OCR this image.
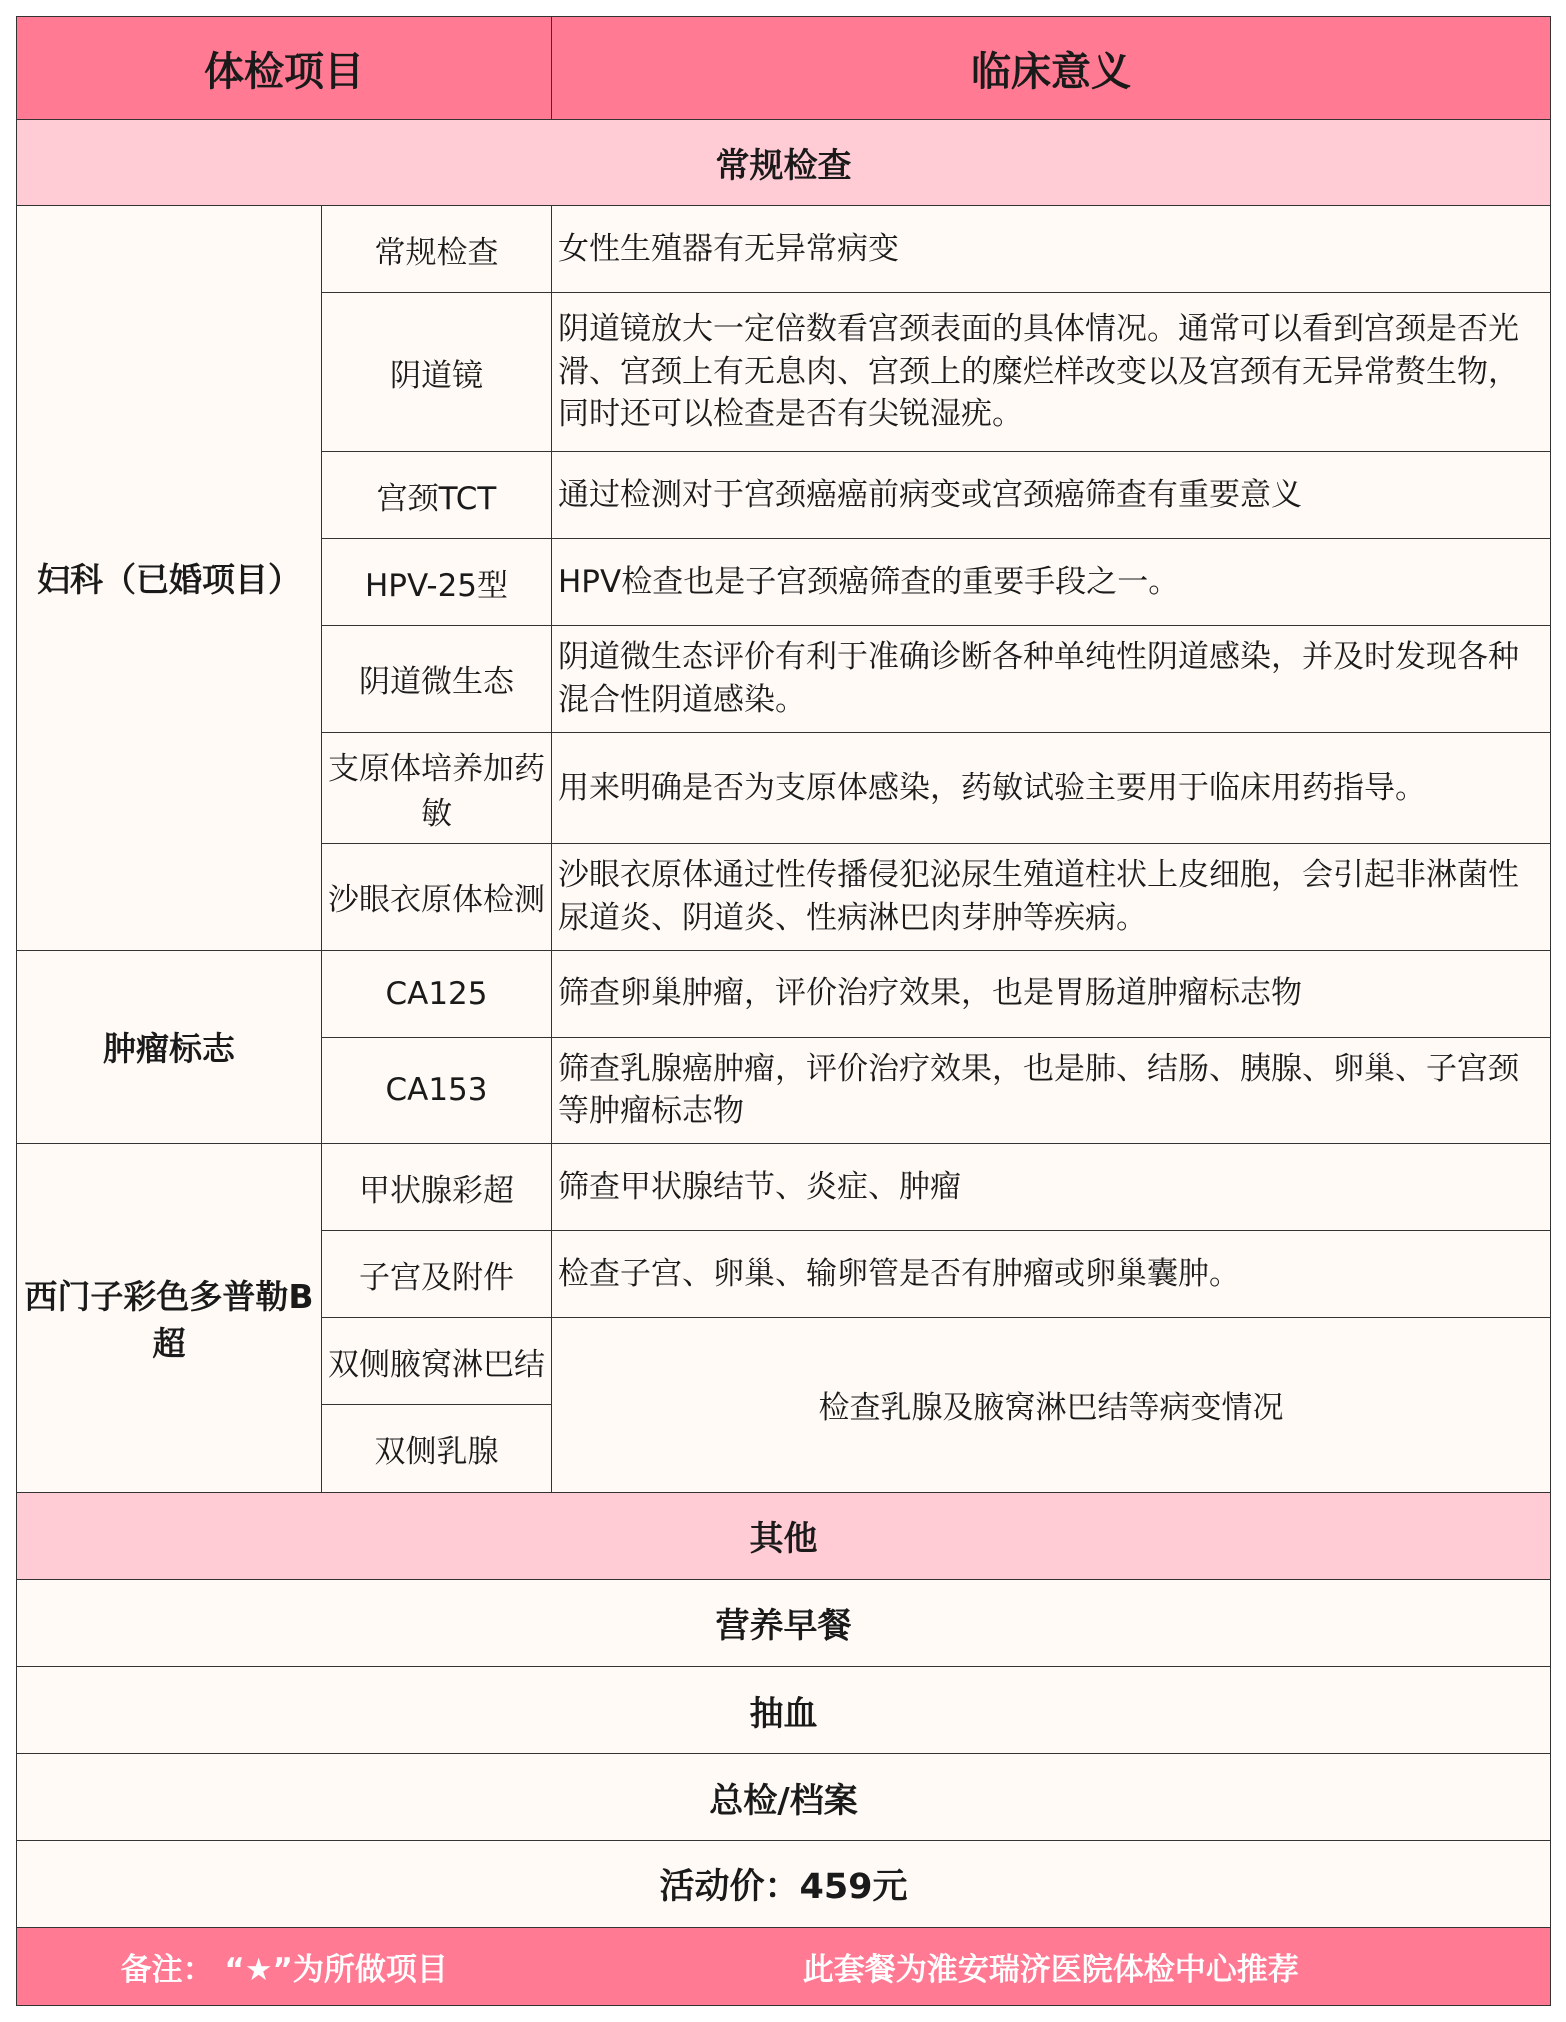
体检项目		临床意义
常规检查		
妇科（已婚项目）	常规检查	女性生殖器有无异常病变
	阴道镜	阴道镜放大一定倍数看宫颈表面的具体情况。通常可以看到宫颈是否光滑、宫颈上有无息肉、宫颈上的糜烂样改变以及宫颈有无异常赘生物，同时还可以检查是否有尖锐湿疣。
	宫颈TCT	通过检测对于宫颈癌癌前病变或宫颈癌筛查有重要意义
	HPV-25型	HPV检查也是子宫颈癌筛查的重要手段之一。
	阴道微生态	阴道微生态评价有利于准确诊断各种单纯性阴道感染，并及时发现各种混合性阴道感染。
	支原体培养加药敏	用来明确是否为支原体感染，药敏试验主要用于临床用药指导。
	沙眼衣原体检测	沙眼衣原体通过性传播侵犯泌尿生殖道柱状上皮细胞，会引起非淋菌性尿道炎、阴道炎、性病淋巴肉芽肿等疾病。
肿瘤标志	CA125	筛查卵巢肿瘤，评价治疗效果，也是胃肠道肿瘤标志物
	CA153	筛查乳腺癌肿瘤，评价治疗效果，也是肺、结肠、胰腺、卵巢、子宫颈等肿瘤标志物
西门子彩色多普勒B超	甲状腺彩超	筛查甲状腺结节、炎症、肿瘤
	子宫及附件	检查子宫、卵巢、输卵管是否有肿瘤或卵巢囊肿。
	双侧腋窝淋巴结	检查乳腺及腋窝淋巴结等病变情况
	双侧乳腺	
其他		
营养早餐		
抽血		
总检/档案		
活动价：459元		
备注： “★”为所做项目		此套餐为淮安瑞济医院体检中心推荐
